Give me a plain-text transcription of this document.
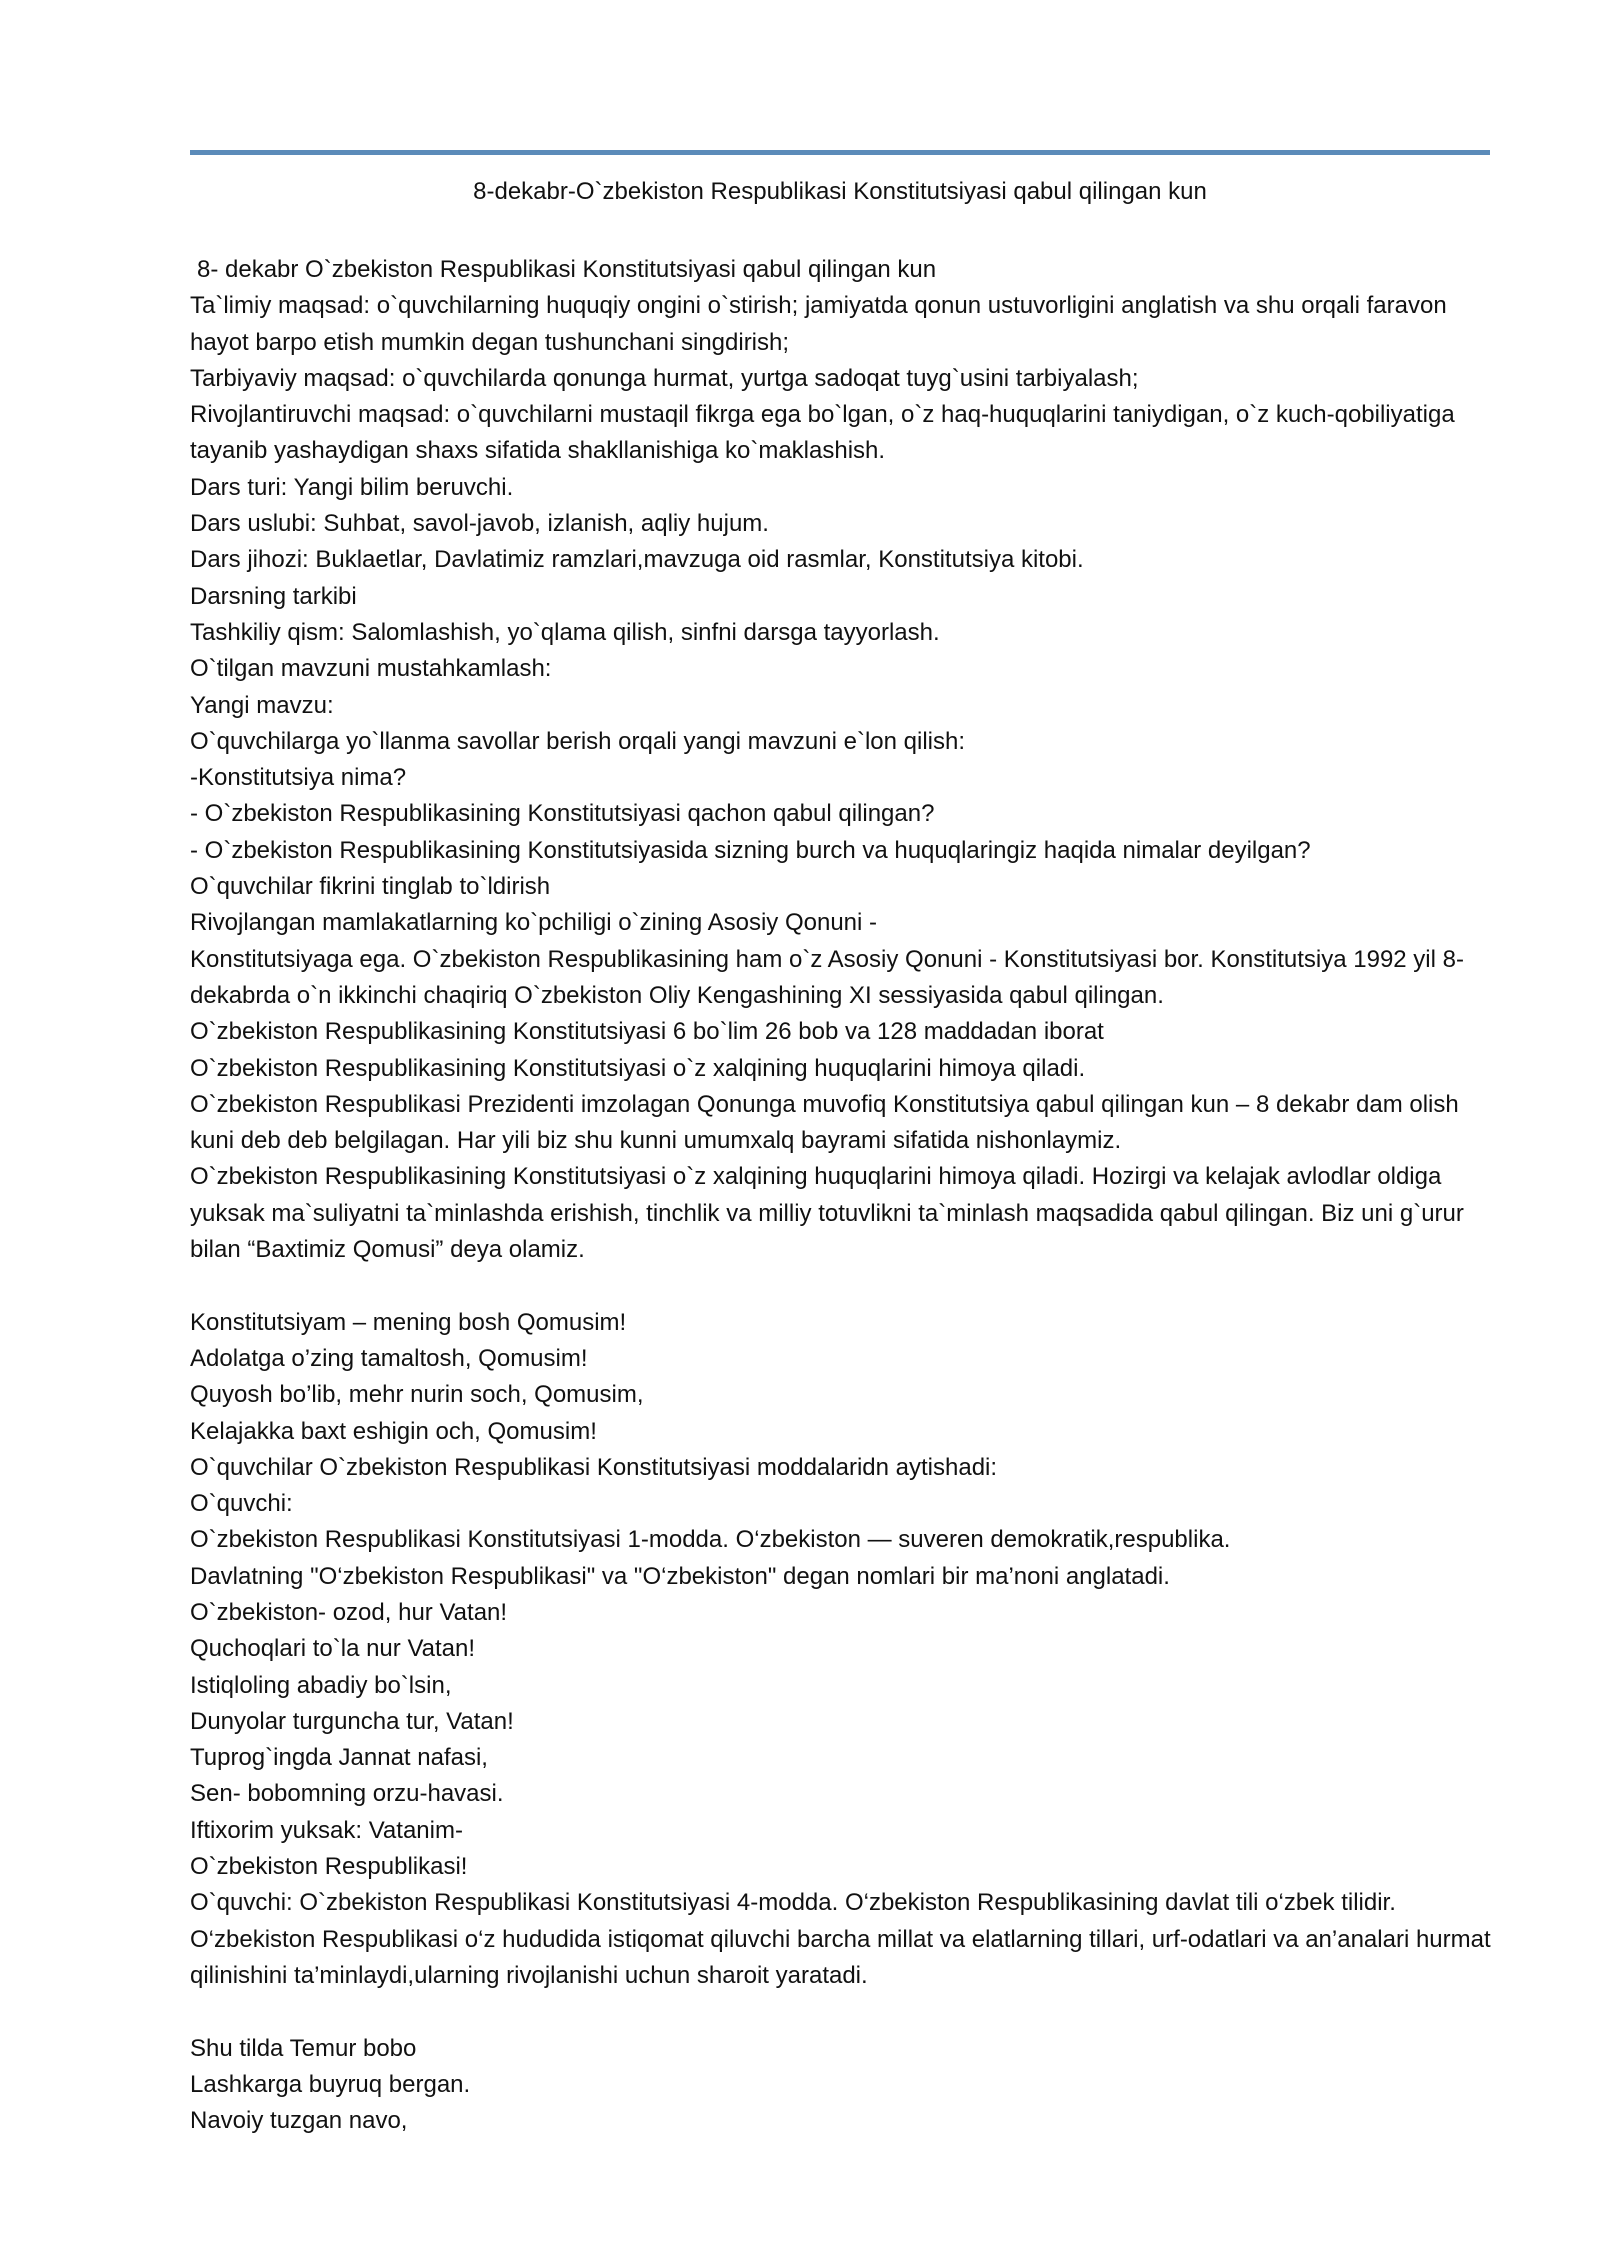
8-dekabr-O`zbekiston Respublikasi Konstitutsiyasi qabul qilingan kun

8- dekabr O`zbekiston Respublikasi Konstitutsiyasi qabul qilingan kun

Ta`limiy maqsad: o`quvchilarning huquqiy ongini o`stirish; jamiyatda qonun ustuvorligini anglatish va shu orqali faravon hayot barpo etish mumkin degan tushunchani singdirish;

Tarbiyaviy maqsad: o`quvchilarda qonunga hurmat, yurtga sadoqat tuyg`usini tarbiyalash;

Rivojlantiruvchi maqsad: o`quvchilarni mustaqil fikrga ega bo`lgan, o`z haq-huquqlarini taniydigan, o`z kuch-qobiliyatiga tayanib yashaydigan shaxs sifatida shakllanishiga ko`maklashish.

Dars turi: Yangi bilim beruvchi.

Dars uslubi: Suhbat, savol-javob, izlanish, aqliy hujum.

Dars jihozi: Buklaetlar, Davlatimiz ramzlari,mavzuga oid rasmlar, Konstitutsiya kitobi.

Darsning tarkibi

Tashkiliy qism: Salomlashish, yo`qlama qilish, sinfni darsga tayyorlash.

O`tilgan mavzuni mustahkamlash:

Yangi mavzu:

O`quvchilarga yo`llanma savollar berish orqali yangi mavzuni e`lon qilish:

-Konstitutsiya nima?

- O`zbekiston Respublikasining Konstitutsiyasi qachon qabul qilingan?

- O`zbekiston Respublikasining Konstitutsiyasida sizning burch va huquqlaringiz haqida nimalar deyilgan?

O`quvchilar fikrini tinglab to`ldirish

Rivojlangan mamlakatlarning ko`pchiligi o`zining Asosiy Qonuni -

Konstitutsiyaga ega. O`zbekiston Respublikasining ham o`z Asosiy Qonuni - Konstitutsiyasi bor. Konstitutsiya 1992 yil 8-dekabrda o`n ikkinchi chaqiriq O`zbekiston Oliy Kengashining XI sessiyasida qabul qilingan.

O`zbekiston Respublikasining Konstitutsiyasi 6 bo`lim 26 bob va 128 maddadan iborat

O`zbekiston Respublikasining Konstitutsiyasi o`z xalqining huquqlarini himoya qiladi.

O`zbekiston Respublikasi Prezidenti imzolagan Qonunga muvofiq Konstitutsiya qabul qilingan kun – 8 dekabr dam olish kuni deb deb belgilagan. Har yili biz shu kunni umumxalq bayrami sifatida nishonlaymiz.

O`zbekiston Respublikasining Konstitutsiyasi o`z xalqining huquqlarini himoya qiladi. Hozirgi va kelajak avlodlar oldiga yuksak ma`suliyatni ta`minlashda erishish, tinchlik va milliy totuvlikni ta`minlash maqsadida qabul qilingan. Biz uni g`urur bilan “Baxtimiz Qomusi” deya olamiz.

Konstitutsiyam – mening bosh Qomusim!

Adolatga o’zing tamaltosh, Qomusim!

Quyosh bo’lib, mehr nurin soch, Qomusim,

Kelajakka baxt eshigin och, Qomusim!

O`quvchilar O`zbekiston Respublikasi Konstitutsiyasi moddalaridn aytishadi:

O`quvchi:

O`zbekiston Respublikasi Konstitutsiyasi 1-modda. O‘zbekiston — suveren demokratik,respublika.

Davlatning "O‘zbekiston Respublikasi" va "O‘zbekiston" degan nomlari bir ma’noni anglatadi.

O`zbekiston- ozod, hur Vatan!

Quchoqlari to`la nur Vatan!

Istiqloling abadiy bo`lsin,

Dunyolar turguncha tur, Vatan!

Tuprog`ingda Jannat nafasi,

Sen- bobomning orzu-havasi.

Iftixorim yuksak: Vatanim-

O`zbekiston Respublikasi!

O`quvchi: O`zbekiston Respublikasi Konstitutsiyasi 4-modda. O‘zbekiston Respublikasining davlat tili o‘zbek tilidir.

O‘zbekiston Respublikasi o‘z hududida istiqomat qiluvchi barcha millat va elatlarning tillari, urf-odatlari va an’analari hurmat qilinishini ta’minlaydi,ularning rivojlanishi uchun sharoit yaratadi.

Shu tilda Temur bobo

Lashkarga buyruq bergan.

Navoiy tuzgan navo,
